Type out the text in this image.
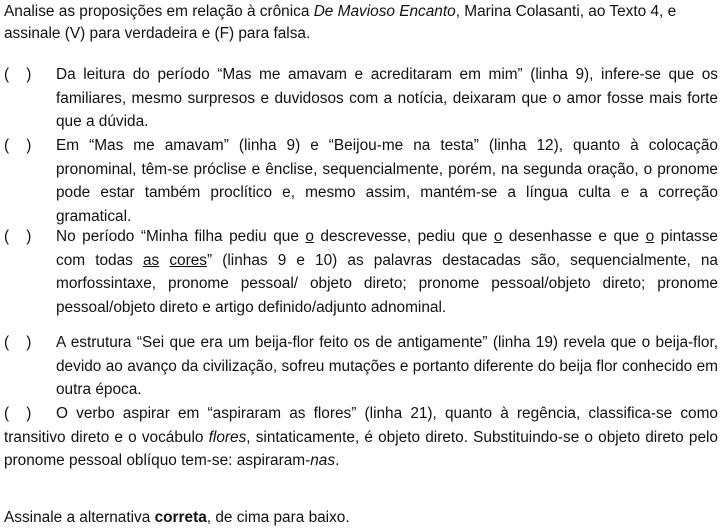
Analise as proposições em relação à crônica De Mavioso Encanto, Marina Colasanti, ao Texto 4, e assinale (V) para verdadeira e (F) para falsa.

(    )	Da leitura do período “Mas me amavam e acreditaram em mim” (linha 9), infere-se que os familiares, mesmo surpresos e duvidosos com a notícia, deixaram que o amor fosse mais forte que a dúvida.
(    )	Em “Mas me amavam” (linha 9) e “Beijou-me na testa” (linha 12), quanto à colocação pronominal, têm-se próclise e ênclise, sequencialmente, porém, na segunda oração, o pronome pode estar também proclítico e, mesmo assim, mantém-se a língua culta e a correção gramatical.
(    )	No período “Minha filha pediu que o descrevesse, pediu que o desenhasse e que o pintasse com todas as cores” (linhas 9 e 10) as palavras destacadas são, sequencialmente, na morfossintaxe, pronome pessoal/ objeto direto; pronome pessoal/objeto direto; pronome pessoal/objeto direto e artigo definido/adjunto adnominal.
(    )	A estrutura “Sei que era um beija-flor feito os de antigamente” (linha 19) revela que o beija-flor, devido ao avanço da civilização, sofreu mutações e portanto diferente do beija flor conhecido em outra época.
(    )	O verbo aspirar em “aspiraram as flores” (linha 21), quanto à regência, classifica-se como transitivo direto e o vocábulo flores, sintaticamente, é objeto direto. Substituindo-se o objeto direto pelo pronome pessoal oblíquo tem-se: aspiraram-nas.
Assinale a alternativa correta, de cima para baixo.
